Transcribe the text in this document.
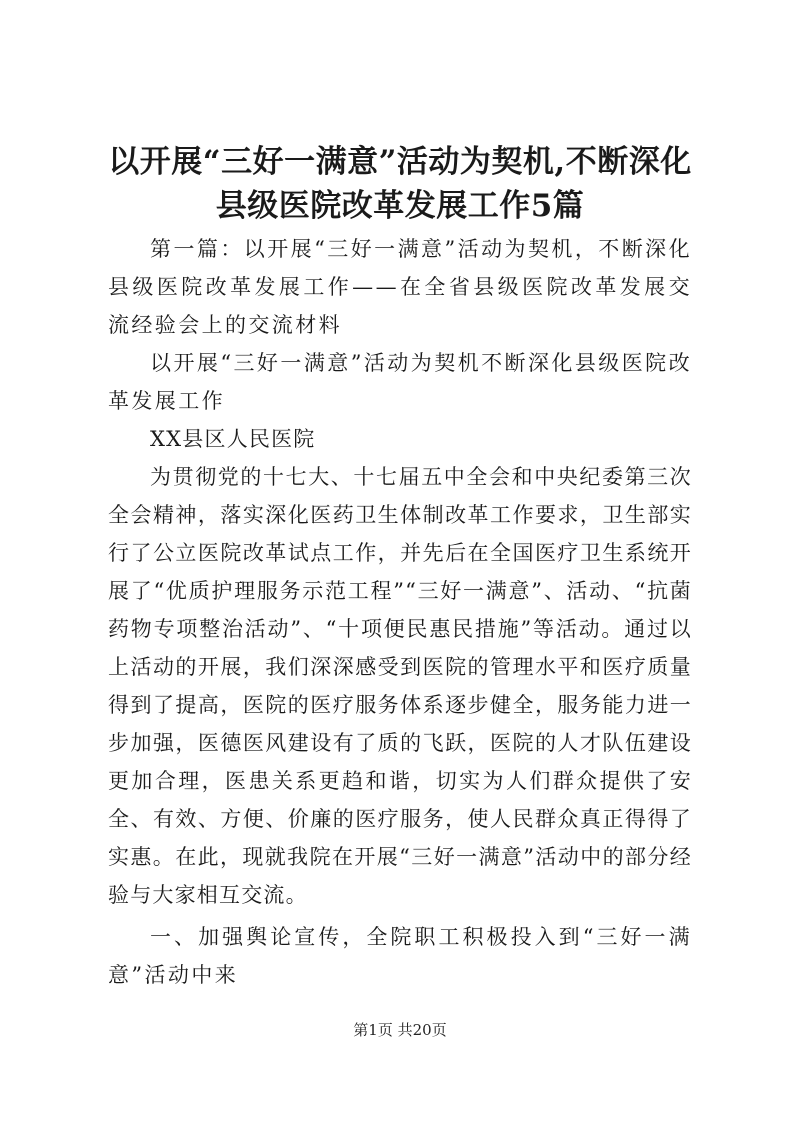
以开展“三好一满意”活动为契机,不断深化
县级医院改革发展工作5篇

第一篇：以开展“三好一满意”活动为契机，不断深化县级医院改革发展工作——在全省县级医院改革发展交流经验会上的交流材料

以开展“三好一满意”活动为契机不断深化县级医院改革发展工作

XX县区人民医院

为贯彻党的十七大、十七届五中全会和中央纪委第三次全会精神，落实深化医药卫生体制改革工作要求，卫生部实行了公立医院改革试点工作，并先后在全国医疗卫生系统开展了“优质护理服务示范工程”“三好一满意”、活动、“抗菌药物专项整治活动”、“十项便民惠民措施”等活动。通过以上活动的开展，我们深深感受到医院的管理水平和医疗质量得到了提高，医院的医疗服务体系逐步健全，服务能力进一步加强，医德医风建设有了质的飞跃，医院的人才队伍建设更加合理，医患关系更趋和谐，切实为人们群众提供了安全、有效、方便、价廉的医疗服务，使人民群众真正得得了实惠。在此，现就我院在开展“三好一满意”活动中的部分经验与大家相互交流。

一、加强舆论宣传，全院职工积极投入到“三好一满意”活动中来

第1页 共20页
